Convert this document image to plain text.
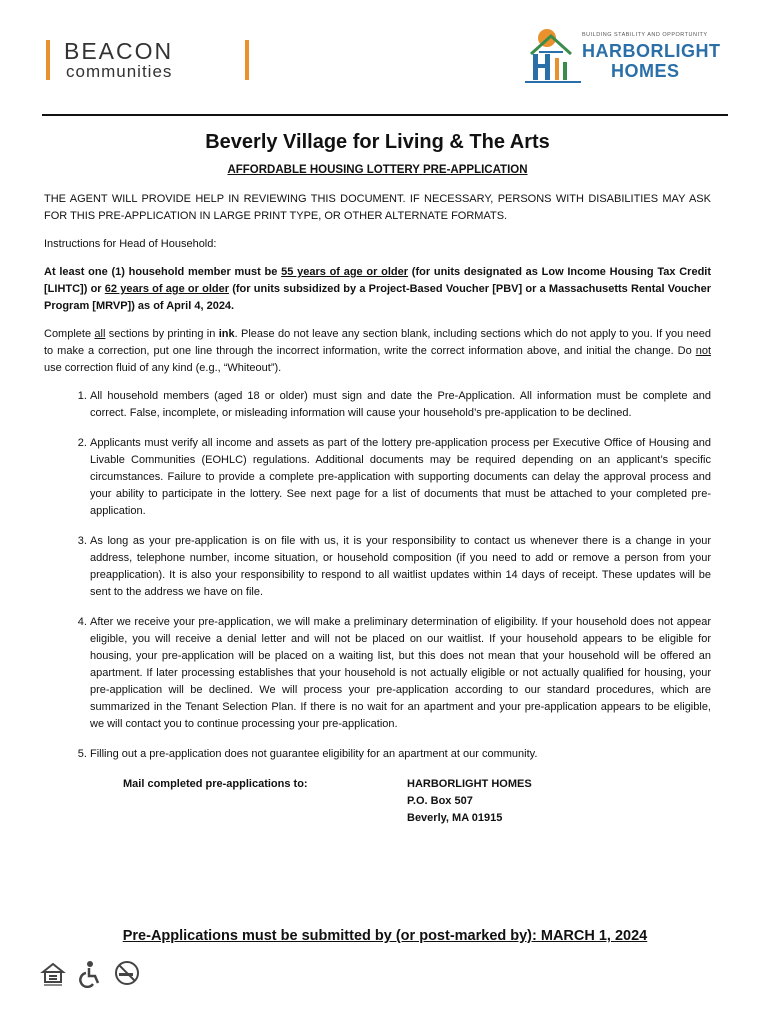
BEACON
communities
BUILDING STABILITY AND OPPORTUNITY
HARBORLIGHT
HOMES
Beverly Village for Living & The Arts
AFFORDABLE HOUSING LOTTERY PRE-APPLICATION

THE AGENT WILL PROVIDE HELP IN REVIEWING THIS DOCUMENT. IF NECESSARY, PERSONS WITH DISABILITIES MAY ASK FOR THIS PRE-APPLICATION IN LARGE PRINT TYPE, OR OTHER ALTERNATE FORMATS.

Instructions for Head of Household:

At least one (1) household member must be 55 years of age or older (for units designated as Low Income Housing Tax Credit [LIHTC]) or 62 years of age or older (for units subsidized by a Project-Based Voucher [PBV] or a Massachusetts Rental Voucher Program [MRVP]) as of April 4, 2024.

Complete all sections by printing in ink. Please do not leave any section blank, including sections which do not apply to you. If you need to make a correction, put one line through the incorrect information, write the correct information above, and initial the change. Do not use correction fluid of any kind (e.g., “Whiteout”).

1. All household members (aged 18 or older) must sign and date the Pre-Application. All information must be complete and correct. False, incomplete, or misleading information will cause your household’s pre-application to be declined.
2. Applicants must verify all income and assets as part of the lottery pre-application process per Executive Office of Housing and Livable Communities (EOHLC) regulations. Additional documents may be required depending on an applicant’s specific circumstances. Failure to provide a complete pre-application with supporting documents can delay the approval process and your ability to participate in the lottery. See next page for a list of documents that must be attached to your completed pre-application.
3. As long as your pre-application is on file with us, it is your responsibility to contact us whenever there is a change in your address, telephone number, income situation, or household composition (if you need to add or remove a person from your preapplication). It is also your responsibility to respond to all waitlist updates within 14 days of receipt. These updates will be sent to the address we have on file.
4. After we receive your pre-application, we will make a preliminary determination of eligibility. If your household does not appear eligible, you will receive a denial letter and will not be placed on our waitlist. If your household appears to be eligible for housing, your pre-application will be placed on a waiting list, but this does not mean that your household will be offered an apartment. If later processing establishes that your household is not actually eligible or not actually qualified for housing, your pre-application will be declined. We will process your pre-application according to our standard procedures, which are summarized in the Tenant Selection Plan. If there is no wait for an apartment and your pre-application appears to be eligible, we will contact you to continue processing your pre-application.
5. Filling out a pre-application does not guarantee eligibility for an apartment at our community.
Mail completed pre-applications to:	HARBORLIGHT HOMES
P.O. Box 507
Beverly, MA 01915
Pre-Applications must be submitted by (or post-marked by): MARCH 1, 2024
